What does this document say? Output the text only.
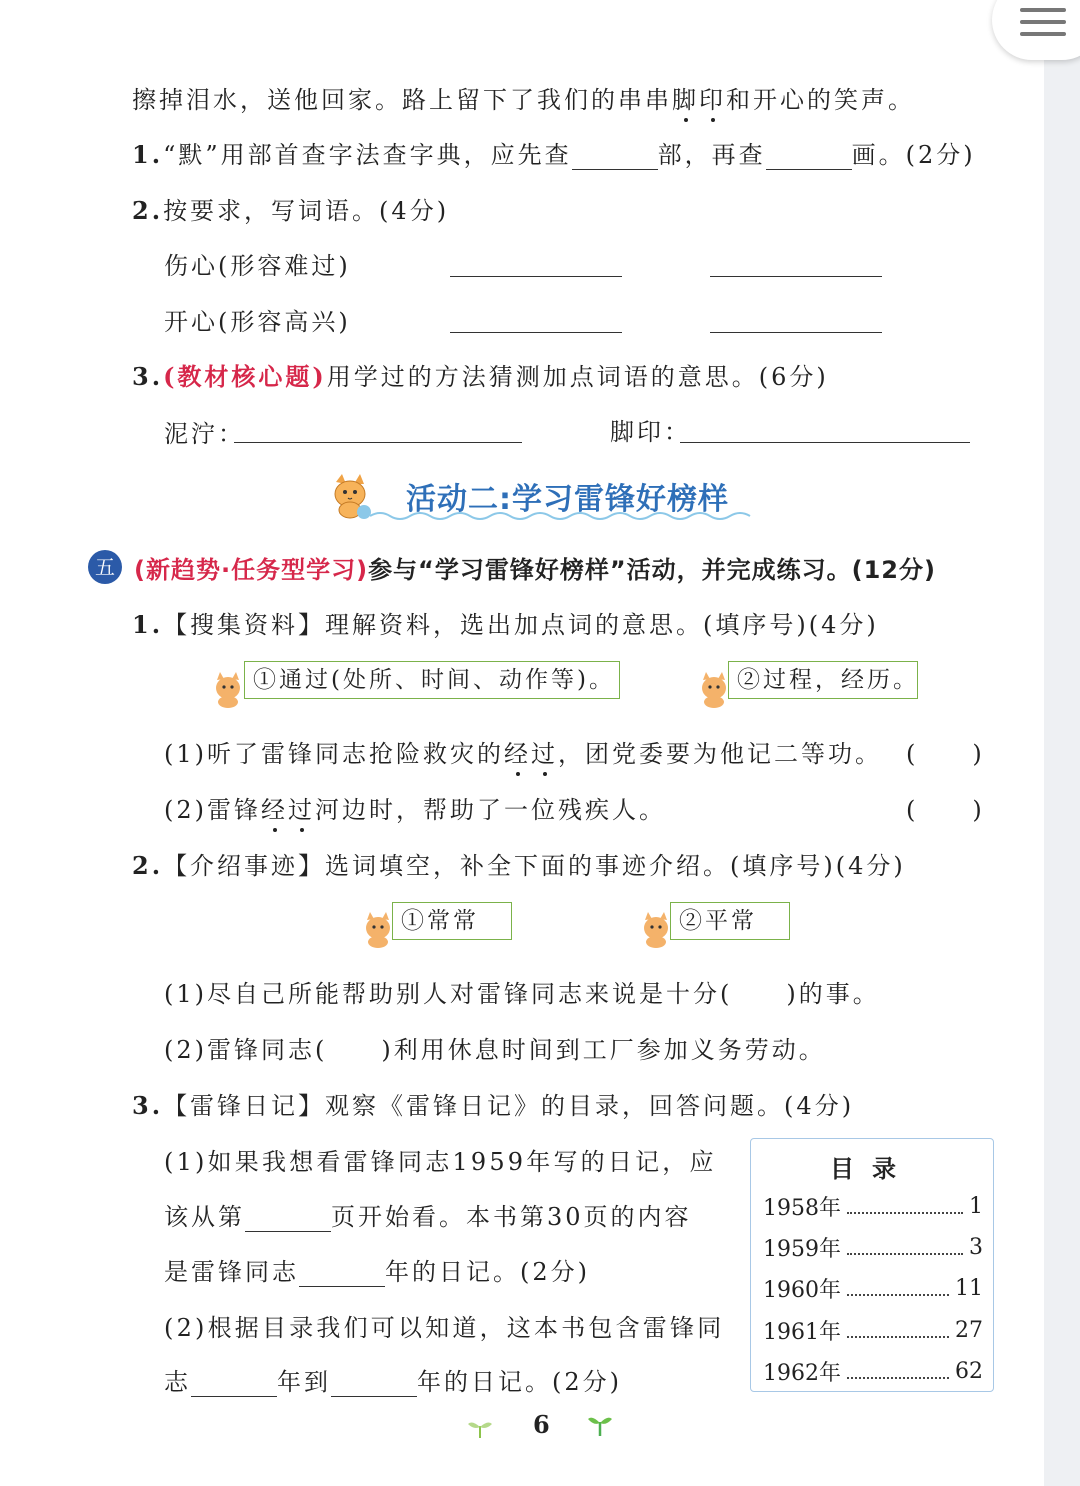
擦掉泪水，送他回家。路上留下了我们的串串脚印和开心的笑声。
1.“默”用部首查字法查字典，应先查	部，再查	画。(2分)
2.按要求，写词语。(4分)
伤心(形容难过)
开心(形容高兴)
3.(教材核心题)用学过的方法猜测加点词语的意思。(6分)
泥泞：	脚印：
活动二:学习雷锋好榜样
五 (新趋势·任务型学习)参与“学习雷锋好榜样”活动，并完成练习。(12分)
1.【搜集资料】理解资料，选出加点词的意思。(填序号)(4分)
①通过(处所、时间、动作等)。	②过程，经历。
(1)听了雷锋同志抢险救灾的经过，团党委要为他记二等功。 (　　)
(2)雷锋经过河边时，帮助了一位残疾人。	(　　)
2.【介绍事迹】选词填空，补全下面的事迹介绍。(填序号)(4分)
①常常	②平常
(1)尽自己所能帮助别人对雷锋同志来说是十分(　　)的事。
(2)雷锋同志(　　)利用休息时间到工厂参加义务劳动。
3.【雷锋日记】观察《雷锋日记》的目录，回答问题。(4分)
(1)如果我想看雷锋同志1959年写的日记，应
该从第	页开始看。本书第30页的内容
是雷锋同志	年的日记。(2分)
(2)根据目录我们可以知道，这本书包含雷锋同
志	年到	年的日记。(2分)
目录
1958年	1
1959年	3
1960年	11
1961年	27
1962年	62
6
